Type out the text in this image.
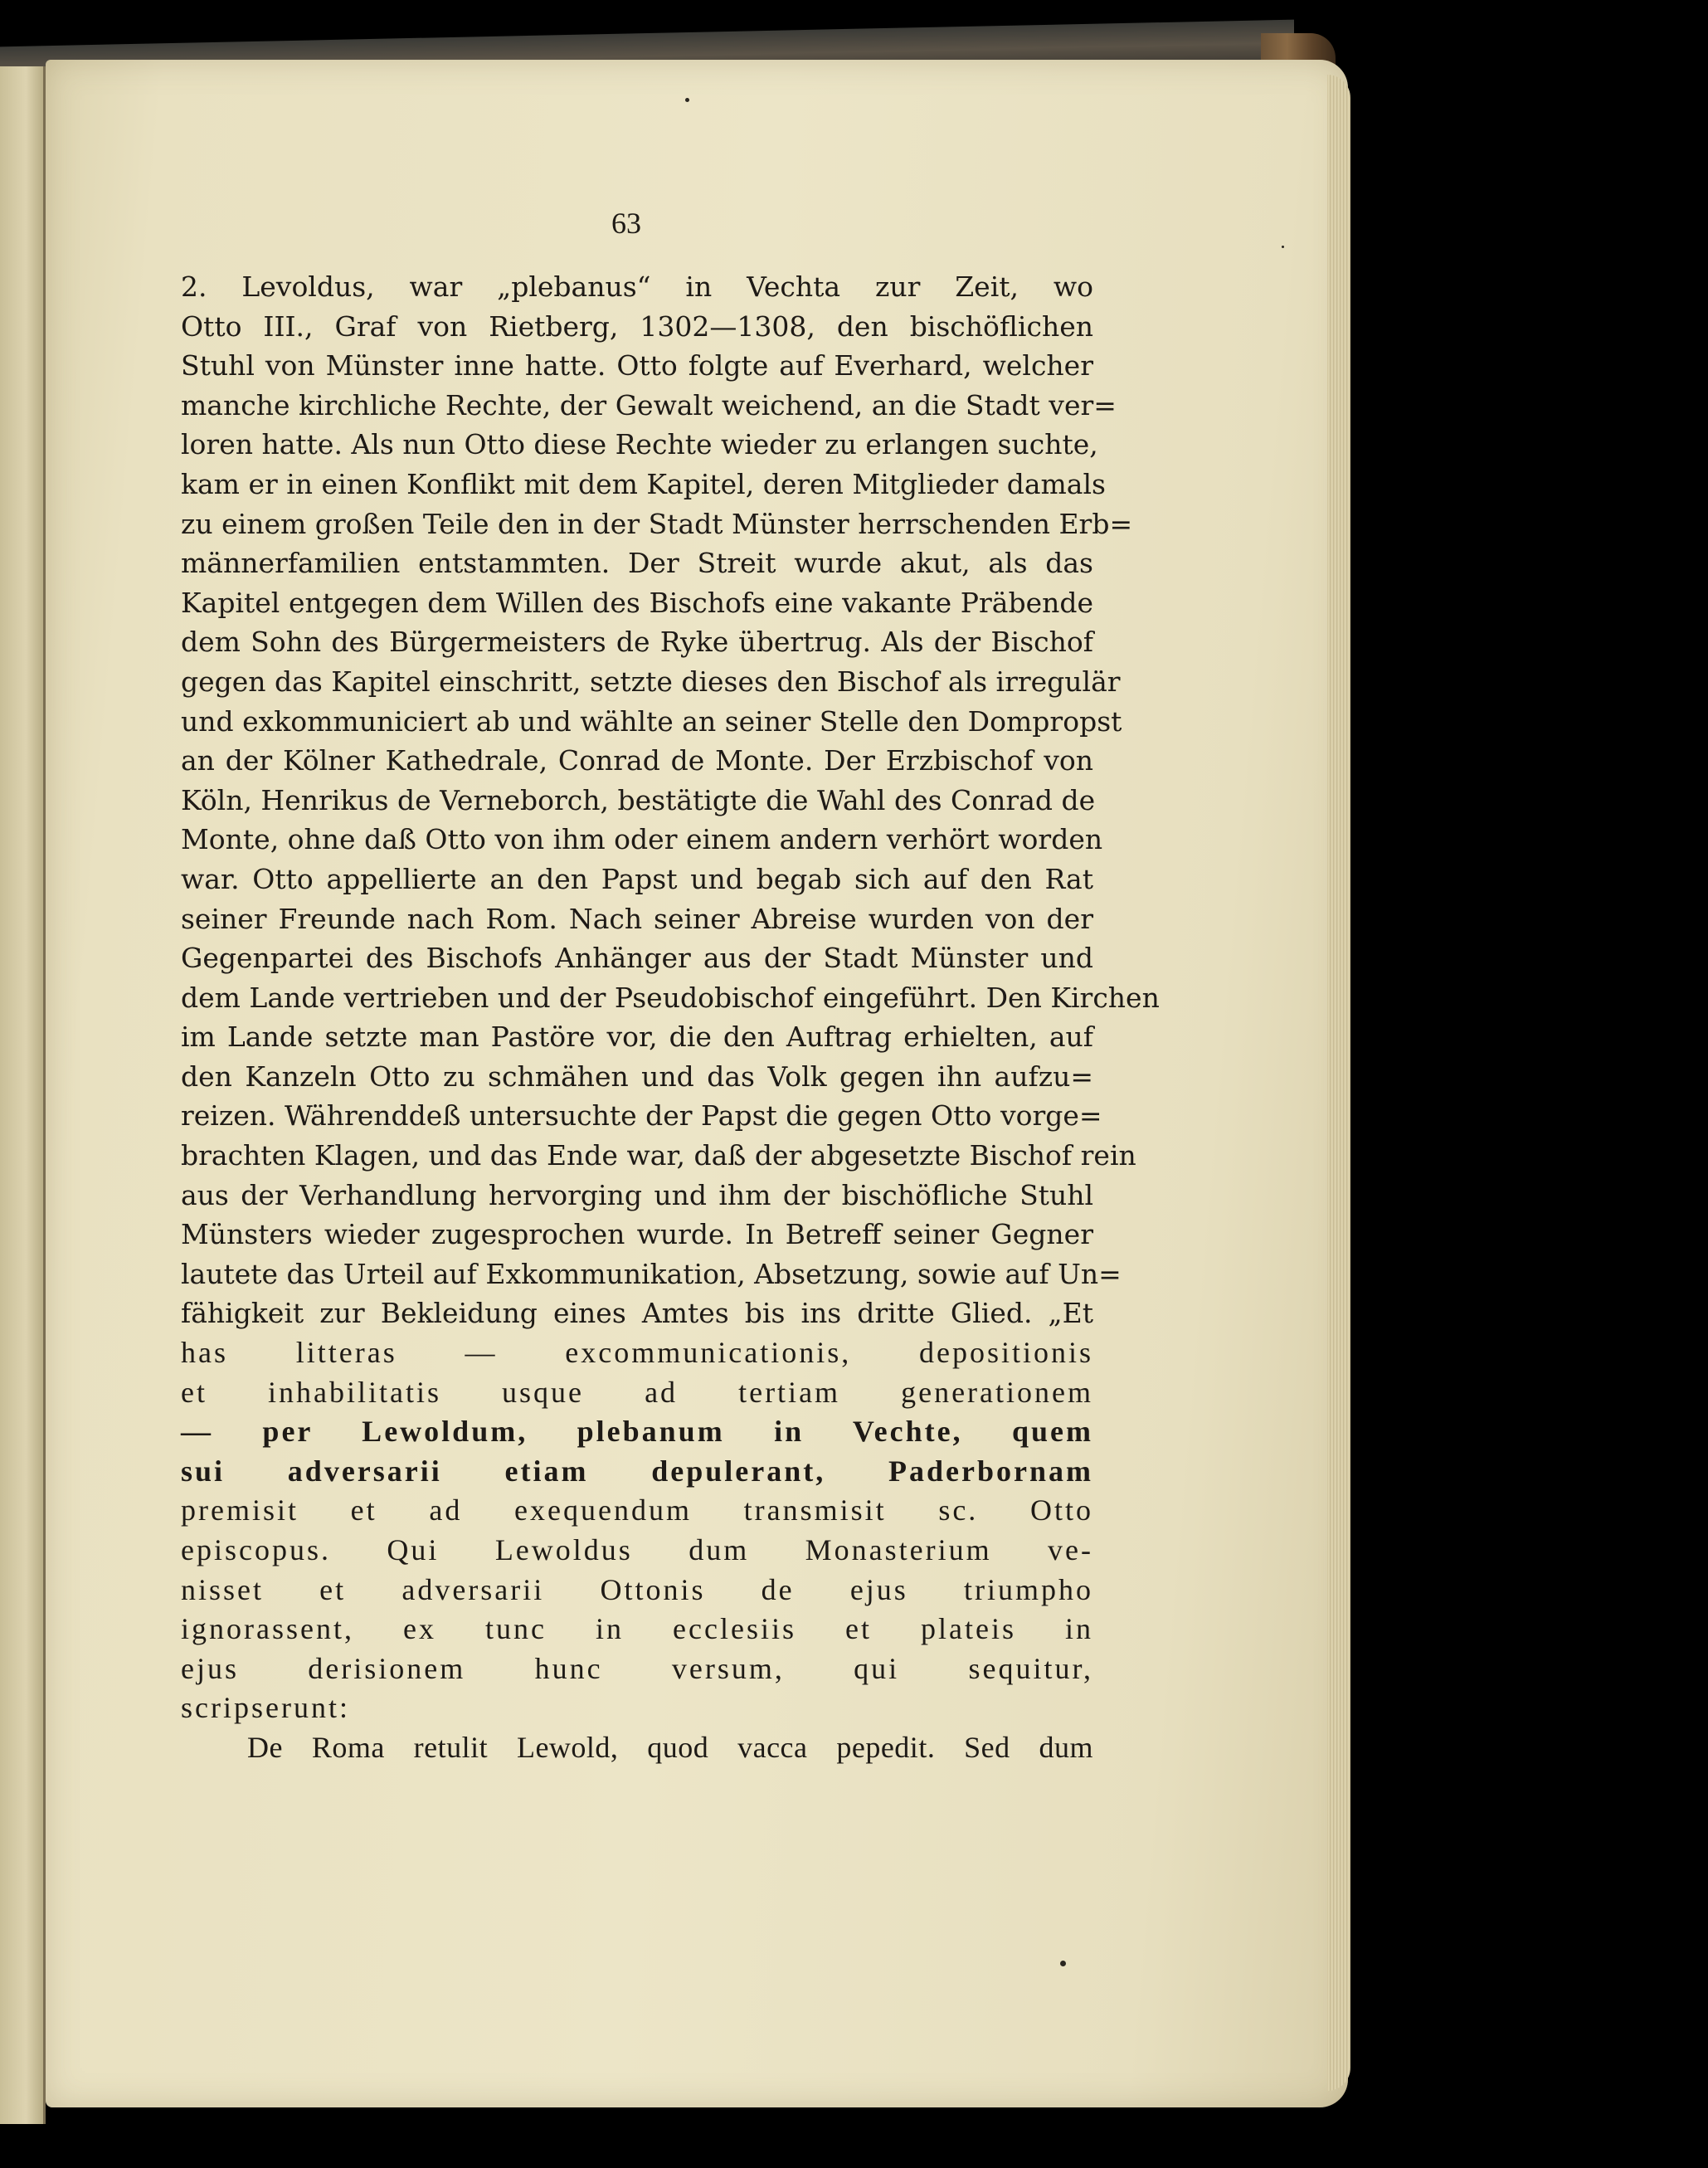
63
2. Levoldus, war „plebanus“ in Vechta zur Zeit, wo
Otto III., Graf von Rietberg, 1302—1308, den bischöflichen
Stuhl von Münster inne hatte. Otto folgte auf Everhard, welcher
manche kirchliche Rechte, der Gewalt weichend, an die Stadt ver=
loren hatte. Als nun Otto diese Rechte wieder zu erlangen suchte,
kam er in einen Konflikt mit dem Kapitel, deren Mitglieder damals
zu einem großen Teile den in der Stadt Münster herrschenden Erb=
männerfamilien entstammten. Der Streit wurde akut, als das
Kapitel entgegen dem Willen des Bischofs eine vakante Präbende
dem Sohn des Bürgermeisters de Ryke übertrug. Als der Bischof
gegen das Kapitel einschritt, setzte dieses den Bischof als irregulär
und exkommuniciert ab und wählte an seiner Stelle den Dompropst
an der Kölner Kathedrale, Conrad de Monte. Der Erzbischof von
Köln, Henrikus de Verneborch, bestätigte die Wahl des Conrad de
Monte, ohne daß Otto von ihm oder einem andern verhört worden
war. Otto appellierte an den Papst und begab sich auf den Rat
seiner Freunde nach Rom. Nach seiner Abreise wurden von der
Gegenpartei des Bischofs Anhänger aus der Stadt Münster und
dem Lande vertrieben und der Pseudobischof eingeführt. Den Kirchen
im Lande setzte man Pastöre vor, die den Auftrag erhielten, auf
den Kanzeln Otto zu schmähen und das Volk gegen ihn aufzu=
reizen. Währenddeß untersuchte der Papst die gegen Otto vorge=
brachten Klagen, und das Ende war, daß der abgesetzte Bischof rein
aus der Verhandlung hervorging und ihm der bischöfliche Stuhl
Münsters wieder zugesprochen wurde. In Betreff seiner Gegner
lautete das Urteil auf Exkommunikation, Absetzung, sowie auf Un=
fähigkeit zur Bekleidung eines Amtes bis ins dritte Glied. „Et
has litteras — excommunicationis, depositionis
et inhabilitatis usque ad tertiam generationem
— per Lewoldum, plebanum in Vechte, quem
sui adversarii etiam depulerant, Paderbornam
premisit et ad exequendum transmisit sc. Otto
episcopus. Qui Lewoldus dum Monasterium ve-
nisset et adversarii Ottonis de ejus triumpho
ignorassent, ex tunc in ecclesiis et plateis in
ejus derisionem hunc versum, qui sequitur,
scripserunt:
De Roma retulit Lewold, quod vacca pepedit. Sed dum
